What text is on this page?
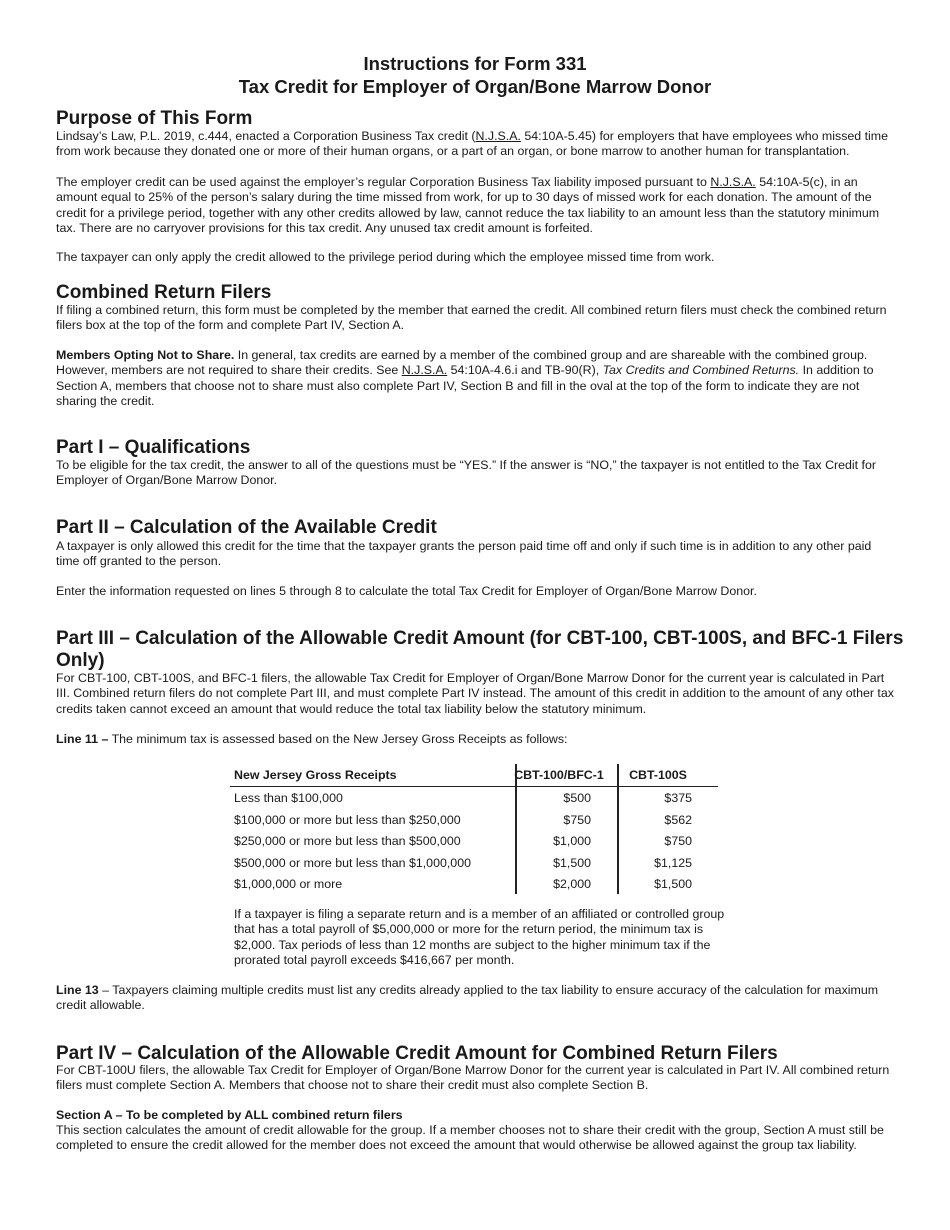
Instructions for Form 331
Tax Credit for Employer of Organ/Bone Marrow Donor
Purpose of This Form

Lindsay’s Law, P.L. 2019, c.444, enacted a Corporation Business Tax credit (N.J.S.A. 54:10A-5.45) for employers that have employees who missed time from work because they donated one or more of their human organs, or a part of an organ, or bone marrow to another human for transplantation.

The employer credit can be used against the employer’s regular Corporation Business Tax liability imposed pursuant to N.J.S.A. 54:10A-5(c), in an amount equal to 25% of the person’s salary during the time missed from work, for up to 30 days of missed work for each donation. The amount of the credit for a privilege period, together with any other credits allowed by law, cannot reduce the tax liability to an amount less than the statutory minimum tax. There are no carryover provisions for this tax credit. Any unused tax credit amount is forfeited.

The taxpayer can only apply the credit allowed to the privilege period during which the employee missed time from work.

Combined Return Filers

If filing a combined return, this form must be completed by the member that earned the credit. All combined return filers must check the combined return filers box at the top of the form and complete Part IV, Section A.

Members Opting Not to Share. In general, tax credits are earned by a member of the combined group and are shareable with the combined group. However, members are not required to share their credits. See N.J.S.A. 54:10A-4.6.i and TB-90(R), Tax Credits and Combined Returns. In addition to Section A, members that choose not to share must also complete Part IV, Section B and fill in the oval at the top of the form to indicate they are not sharing the credit.

Part I – Qualifications

To be eligible for the tax credit, the answer to all of the questions must be “YES.” If the answer is “NO,” the taxpayer is not entitled to the Tax Credit for Employer of Organ/Bone Marrow Donor.

Part II – Calculation of the Available Credit

A taxpayer is only allowed this credit for the time that the taxpayer grants the person paid time off and only if such time is in addition to any other paid time off granted to the person.

Enter the information requested on lines 5 through 8 to calculate the total Tax Credit for Employer of Organ/Bone Marrow Donor.

Part III – Calculation of the Allowable Credit Amount (for CBT-100, CBT-100S, and BFC-1 Filers Only)

For CBT-100, CBT-100S, and BFC-1 filers, the allowable Tax Credit for Employer of Organ/Bone Marrow Donor for the current year is calculated in Part III. Combined return filers do not complete Part III, and must complete Part IV instead. The amount of this credit in addition to the amount of any other tax credits taken cannot exceed an amount that would reduce the total tax liability below the statutory minimum.

Line 11 – The minimum tax is assessed based on the New Jersey Gross Receipts as follows:

New Jersey Gross Receipts	CBT-100/BFC-1	CBT-100S
Less than $100,000	$500	$375
$100,000 or more but less than $250,000	$750	$562
$250,000 or more but less than $500,000	$1,000	$750
$500,000 or more but less than $1,000,000	$1,500	$1,125
$1,000,000 or more	$2,000	$1,500

If a taxpayer is filing a separate return and is a member of an affiliated or controlled group that has a total payroll of $5,000,000 or more for the return period, the minimum tax is $2,000. Tax periods of less than 12 months are subject to the higher minimum tax if the prorated total payroll exceeds $416,667 per month.

Line 13 – Taxpayers claiming multiple credits must list any credits already applied to the tax liability to ensure accuracy of the calculation for maximum credit allowable.

Part IV – Calculation of the Allowable Credit Amount for Combined Return Filers

For CBT-100U filers, the allowable Tax Credit for Employer of Organ/Bone Marrow Donor for the current year is calculated in Part IV. All combined return filers must complete Section A. Members that choose not to share their credit must also complete Section B.

Section A – To be completed by ALL combined return filers

This section calculates the amount of credit allowable for the group. If a member chooses not to share their credit with the group, Section A must still be completed to ensure the credit allowed for the member does not exceed the amount that would otherwise be allowed against the group tax liability.
